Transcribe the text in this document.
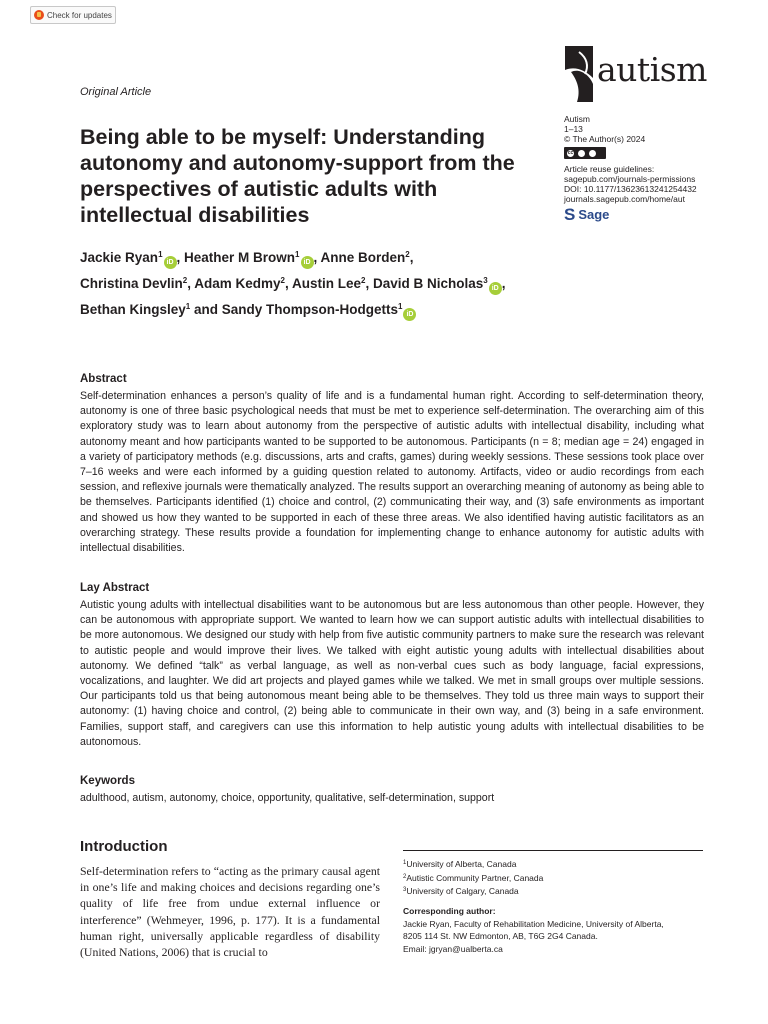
Check for updates
autism
Original Article
Being able to be myself: Understanding autonomy and autonomy-support from the perspectives of autistic adults with intellectual disabilities
Autism
1–13
© The Author(s) 2024
cc
Article reuse guidelines:
sagepub.com/journals-permissions
DOI: 10.1177/13623613241254432
journals.sagepub.com/home/aut
S Sage
Jackie Ryan$^1$iD , Heather M Brown$^1$iD , Anne Borden$^2$,
Christina Devlin$^2$, Adam Kedmy$^2$, Austin Lee$^2$, David B Nicholas$^3$iD ,
Bethan Kingsley$^1$ and Sandy Thompson-Hodgetts$^1$iD
Abstract

Self-determination enhances a person’s quality of life and is a fundamental human right. According to self-determination theory, autonomy is one of three basic psychological needs that must be met to experience self-determination. The overarching aim of this exploratory study was to learn about autonomy from the perspective of autistic adults with intellectual disability, including what autonomy meant and how participants wanted to be supported to be autonomous. Participants (n = 8; median age = 24) engaged in a variety of participatory methods (e.g. discussions, arts and crafts, games) during weekly sessions. These sessions took place over 7–16 weeks and were each informed by a guiding question related to autonomy. Artifacts, video or audio recordings from each session, and reflexive journals were thematically analyzed. The results support an overarching meaning of autonomy as being able to be themselves. Participants identified (1) choice and control, (2) communicating their way, and (3) safe environments as important and showed us how they wanted to be supported in each of these three areas. We also identified having autistic facilitators as an overarching strategy. These results provide a foundation for implementing change to enhance autonomy for autistic adults with intellectual disabilities.

Lay Abstract

Autistic young adults with intellectual disabilities want to be autonomous but are less autonomous than other people. However, they can be autonomous with appropriate support. We wanted to learn how we can support autistic adults with intellectual disabilities to be more autonomous. We designed our study with help from five autistic community partners to make sure the research was relevant to autistic people and would improve their lives. We talked with eight autistic young adults with intellectual disabilities about autonomy. We defined “talk” as verbal language, as well as non-verbal cues such as body language, facial expressions, vocalizations, and laughter. We did art projects and played games while we talked. We met in small groups over multiple sessions. Our participants told us that being autonomous meant being able to be themselves. They told us three main ways to support their autonomy: (1) having choice and control, (2) being able to communicate in their own way, and (3) being in a safe environment. Families, support staff, and caregivers can use this information to help autistic young adults with intellectual disabilities to be autonomous.

Keywords

adulthood, autism, autonomy, choice, opportunity, qualitative, self-determination, support

Introduction

Self-determination refers to “acting as the primary causal agent in one’s life and making choices and decisions regarding one’s quality of life free from undue external influence or interference” (Wehmeyer, 1996, p. 177). It is a fundamental human right, universally applicable regardless of disability (United Nations, 2006) that is crucial to

$^1$University of Alberta, Canada
$^2$Autistic Community Partner, Canada
$^3$University of Calgary, Canada
Corresponding author:
Jackie Ryan, Faculty of Rehabilitation Medicine, University of Alberta,
8205 114 St. NW Edmonton, AB, T6G 2G4 Canada.
Email: jgryan@ualberta.ca
